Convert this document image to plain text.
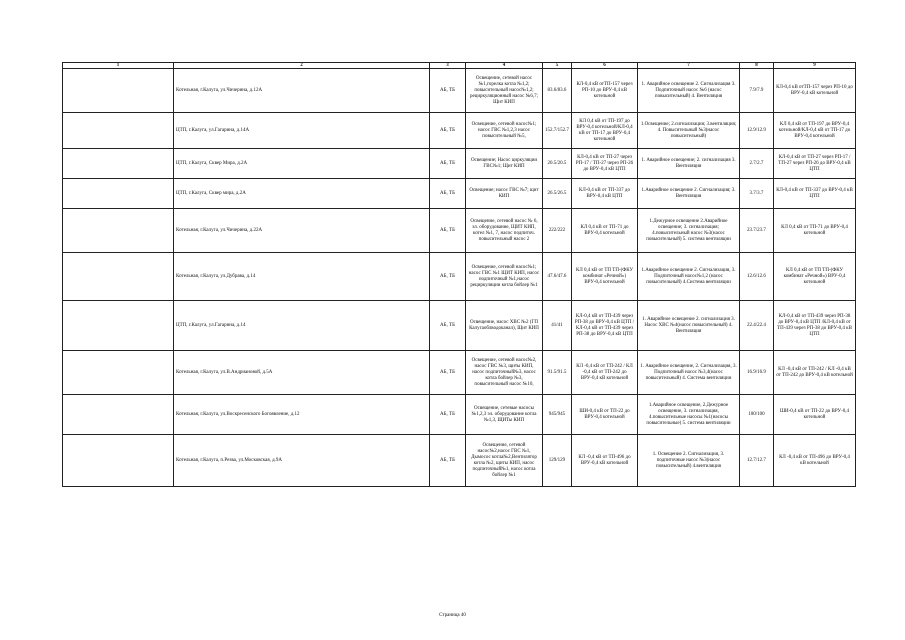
1	2	3	4	5	6	7	8	9
	Котельная, г.Калуга, ул.Чичерина, д.12А	АБ, ТБ	Освещение, сетевой насос №1,горелка котла №1,2; повысительный насос№1,2; рециркуляционный насос №6,7; Щит КИП	83.6/83.6	КЛ-0,4 кВ отТП-157 через РП-10 до ВРУ-0,4 кВ котельной	1. Аварийное освещение 2. Сигнализация 3. Подпиточный насос №6 (насос повысительный) 4. Вентиляция	7.9/7.9	КЛ-0,4 кВ отТП-157 через РП-10 до ВРУ-0,4 кВ котельной
	ЦТП, г.Калуга, ул.Гагарина, д.14А	АБ, ТБ	Освещение, сетевой насос№1; насос ГВС №1,2,3 насос повысительный №5,	152.7/152.7	КЛ 0,4 кВ от ТП-197 до ВРУ-0,4 котельной/КЛ-0,4 кВ от ТП-17 до ВРУ-0,4 котельной	1.Освещение; 2.сигнализация; 3.вентиляция; 4. Повысительный №3(насос повысительный)	12.9/12.9	КЛ 0,4 кВ от ТП-197 до ВРУ-0,4 котельной/КЛ-0,4 кВ от ТП-17 до ВРУ-0,4 котельной
	ЦТП, г.Калуга, Сквер Мира, д.2А	АБ, ТБ	Освещение; Насос циркуляции ГВС№1; Щит КИП	20.5/20.5	КЛ-0,4 кВ от ТП-27 через РП-17 / ТП-27 через РП-26 до ВРУ-0,4 кВ ЦТП	1. Аварийное освещение; 2. сигнализация 3. Вентиляция	2.7/2.7	КЛ-0,4 кВ от ТП-27 через РП-17 / ТП-27 через РП-26 до ВРУ-0,4 кВ ЦТП
	ЦТП, г.Калуга, Сквер мира, д.2А	АБ, ТБ	Освещение; насос ГВС №7; щит КИП	26.5/26.5	КЛ-0,4 кВ от ТП-337 до ВРУ-0,4 кВ ЦТП	1.Аварийное освещение 2. Сигнализация; 3. Вентиляция	3.7/3.7	КЛ-0,4 кВ от ТП-337 до ВРУ-0,4 кВ ЦТП
	Котельная, г.Калуга, ул.Чичерина, д.22А	АБ, ТБ	Освещение, сетевой насос № 6, эл. оборудование, ЩИТ КИП, котел №1, 7, насос подпиточ. повысительный насос 2	222/222	КЛ 0,4 кВ от ТП-71 до ВРУ-0,4 котельной	1.Дежурное освещение 2.Аварийное освещение; 3. сигнализация; 4.повысительный насос №3(насос повысительный) 5. система вентиляции	23.7/23.7	КЛ 0,4 кВ от ТП-71 до ВРУ-0,4 котельной
	Котельная, г.Калуга, ул.Дубрава, д.14	АБ, ТБ	Освещение, сетевой насос№1; насос ГВС №1 ЩИТ КИП, насос подпиточный №1,насос рециркуляции котла бойлер №1	47.6/47.6	КЛ 0,4 кВ от ТП ТП-(ФКУ комбинат «Речной») ВРУ-0,4 котельной	1.Аварийное освещение 2. Сигнализация, 3. Подпиточный насос№1,2 (насос повысительный) 4.Система вентиляции	12.6/12.6	КЛ 0,4 кВ от ТП ТП-(ФКУ комбинат «Речной») ВРУ-0,4 котельной
	ЦТП, г.Калуга, ул.Гагарина, д.14	АБ, ТБ	Освещение, насос ХВС №2 (ГП Калугаоблводоканал), Щит КИП	41/41	КЛ-0,4 кВ от ТП-439 через РП-38 до ВРУ-0,4 кВ ЦТП /КЛ-0,4 кВ от ТП-439 через РП-38 до ВРУ-0,4 кВ ЦТП	1. Аварийное освещение 2. сигнализация 3. Насос ХВС №4(насос повысительный) 4. Вентиляция	22.4/22.4	КЛ-0,4 кВ от ТП-439 через РП-38 до ВРУ-0,4 кВ ЦТП /КЛ-0,4 кВ от ТП-439 через РП-38 до ВРУ-0,4 кВ ЦТП
	Котельная, г.Калуга, ул.В.Андриановой, д.5А	АБ, ТБ	Освещение, сетевой насос№2, насос ГВС №3, щиты КИП, насос подпиточный№3, насос котла бойлер №3, повысительный насос №10,	91.5/91.5	КЛ -0,4 кВ от ТП-242 / КЛ -0,4 кВ от ТП-242 до ВРУ-0,4 кВ котельной	1. Аварийное освещение, 2. Сигнализация, 3. Подпиточный насос №3,4(насос повысительный) 4. Система вентиляции	16.9/16.9	КЛ -0,4 кВ от ТП-242 / КЛ -0,4 кВ от ТП-242 до ВРУ-0,4 кВ котельной
	Котельная, г.Калуга, ул.Воскресенского Богоявление, д.12	АБ, ТБ	Освещение, сетевые насосы №1,2,3 эл. оборудование котла №1,3, ЩИТы КИП	945/945	ШИ-0,4 кВ от ТП-22 до ВРУ-0,4 котельной	1.Аварийное освещение, 2.Дежурное освещение, 3. сигнализация, 4.повысительные насосы №1(насосы повысительные) 5. система вентиляции	100/100	ШИ-0,4 кВ от ТП-22 до ВРУ-0,4 котельной
	Котельная, г.Калуга, п.Резва, ул.Московская, д.9А	АБ, ТБ	Освещение, сетевой насос№2,насос ГВС №1, Дымосос котла№2,Вентилятор котла №2, щиты КИП, насос подпиточный№1, насос котла бойлер №1	129/129	КЛ -0,4 кВ от ТП-496 до ВРУ-0,4 кВ котельной	1. Освещение 2. Сигнализация, 3. подпиточные насос №3(насос повысительный) 4.вентиляция	12.7/12.7	КЛ -0,4 кВ от ТП-496 до ВРУ-0,4 кВ котельной
Страница 40
